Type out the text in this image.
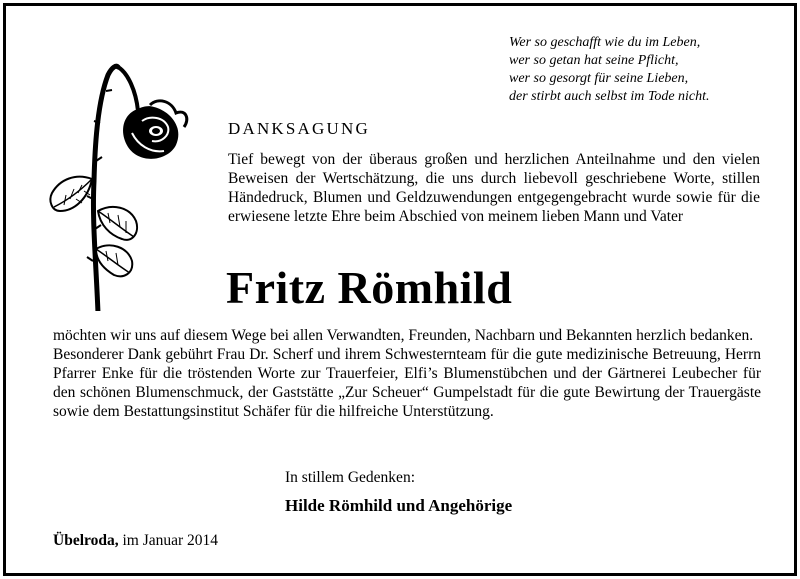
Wer so geschafft wie du im Leben,
wer so getan hat seine Pflicht,
wer so gesorgt für seine Lieben,
der stirbt auch selbst im Tode nicht.
DANKSAGUNG
Tief bewegt von der überaus großen und herzlichen Anteilnahme und den vielen Beweisen der Wertschätzung, die uns durch liebevoll geschriebene Worte, stillen Händedruck, Blumen und Geldzuwendungen entgegengebracht wurde sowie für die erwiesene letzte Ehre beim Abschied von meinem lieben Mann und Vater
Fritz Römhild

möchten wir uns auf diesem Wege bei allen Verwandten, Freunden, Nachbarn und Bekannten herzlich bedanken.

Besonderer Dank gebührt Frau Dr. Scherf und ihrem Schwesternteam für die gute medizinische Betreuung, Herrn Pfarrer Enke für die tröstenden Worte zur Trauerfeier, Elfi’s Blumenstübchen und der Gärtnerei Leubecher für den schönen Blumenschmuck, der Gaststätte „Zur Scheuer“ Gumpelstadt für die gute Bewirtung der Trauergäste sowie dem Bestattungsinstitut Schäfer für die hilfreiche Unterstützung.

In stillem Gedenken:
Hilde Römhild und Angehörige
Übelroda, im Januar 2014
